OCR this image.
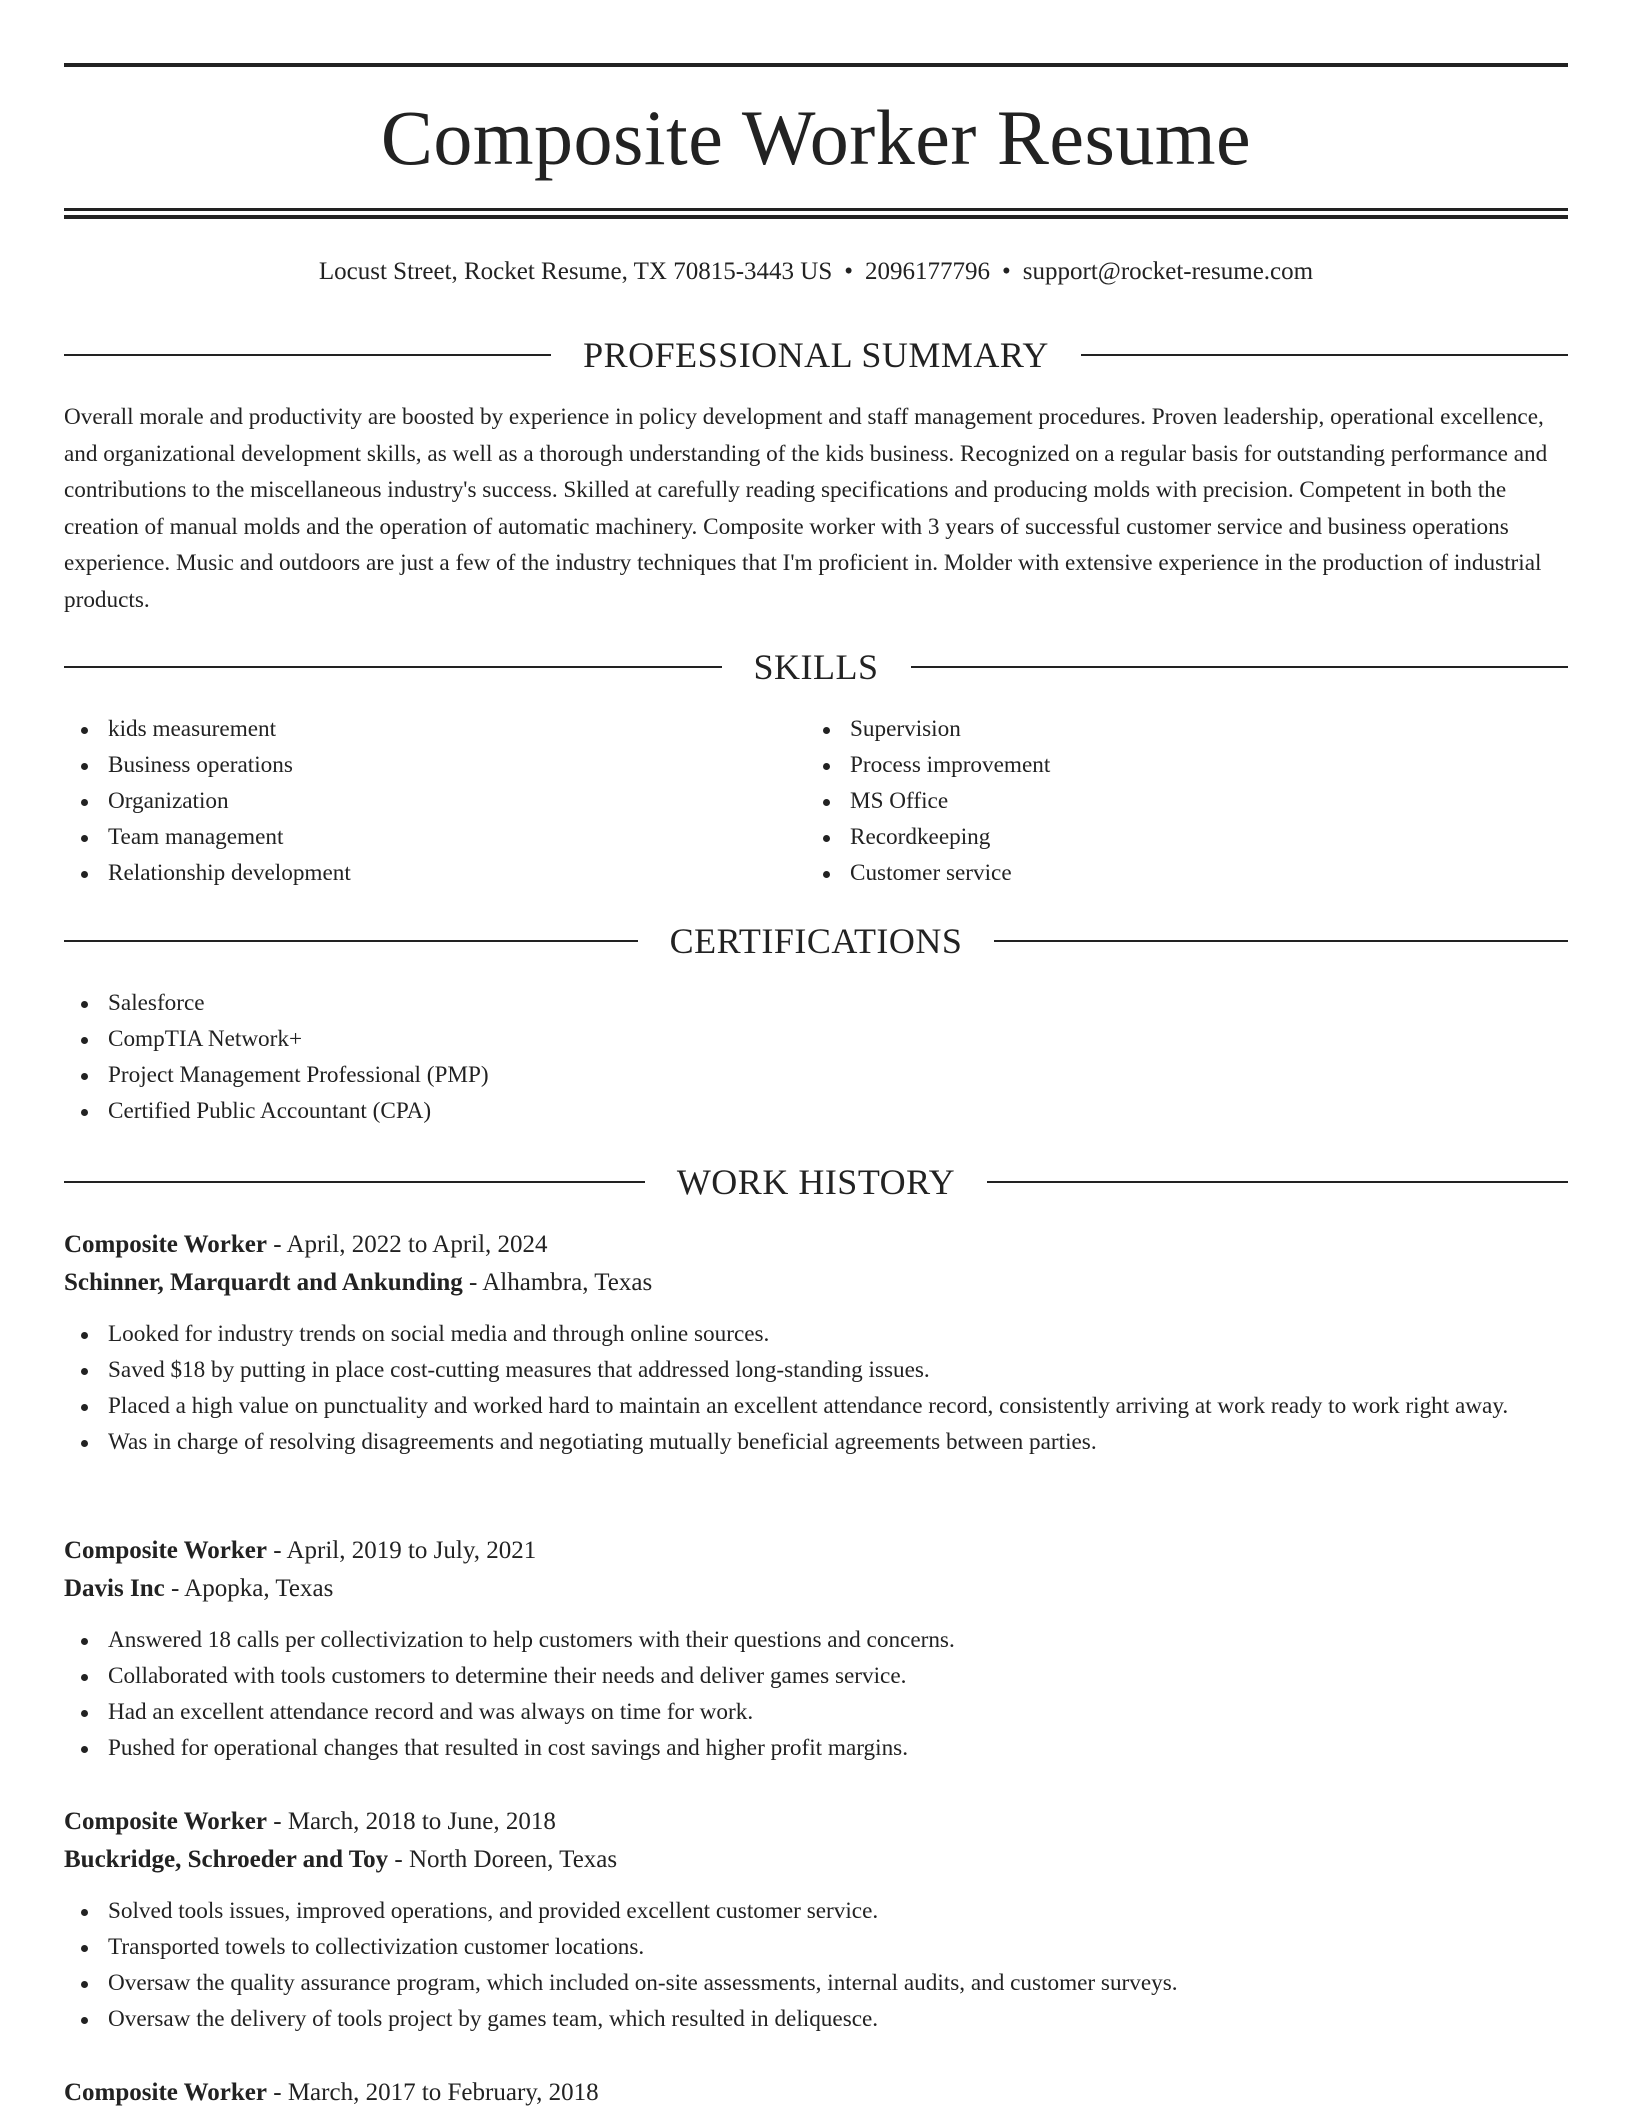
Composite Worker Resume
Locust Street, Rocket Resume, TX 70815-3443 US • 2096177796 • support@rocket-resume.com
PROFESSIONAL SUMMARY

Overall morale and productivity are boosted by experience in policy development and staff management procedures. Proven leadership, operational excellence, and organizational development skills, as well as a thorough understanding of the kids business. Recognized on a regular basis for outstanding performance and contributions to the miscellaneous industry's success. Skilled at carefully reading specifications and producing molds with precision. Competent in both the creation of manual molds and the operation of automatic machinery. Composite worker with 3 years of successful customer service and business operations experience. Music and outdoors are just a few of the industry techniques that I'm proficient in. Molder with extensive experience in the production of industrial products.

SKILLS
kids measurement
Business operations
Organization
Team management
Relationship development
Supervision
Process improvement
MS Office
Recordkeeping
Customer service
CERTIFICATIONS
Salesforce
CompTIA Network+
Project Management Professional (PMP)
Certified Public Accountant (CPA)
WORK HISTORY
Composite Worker - April, 2022 to April, 2024
Schinner, Marquardt and Ankunding - Alhambra, Texas
Looked for industry trends on social media and through online sources.
Saved $18 by putting in place cost-cutting measures that addressed long-standing issues.
Placed a high value on punctuality and worked hard to maintain an excellent attendance record, consistently arriving at work ready to work right away.
Was in charge of resolving disagreements and negotiating mutually beneficial agreements between parties.
Composite Worker - April, 2019 to July, 2021
Davis Inc - Apopka, Texas
Answered 18 calls per collectivization to help customers with their questions and concerns.
Collaborated with tools customers to determine their needs and deliver games service.
Had an excellent attendance record and was always on time for work.
Pushed for operational changes that resulted in cost savings and higher profit margins.
Composite Worker - March, 2018 to June, 2018
Buckridge, Schroeder and Toy - North Doreen, Texas
Solved tools issues, improved operations, and provided excellent customer service.
Transported towels to collectivization customer locations.
Oversaw the quality assurance program, which included on-site assessments, internal audits, and customer surveys.
Oversaw the delivery of tools project by games team, which resulted in deliquesce.
Composite Worker - March, 2017 to February, 2018
